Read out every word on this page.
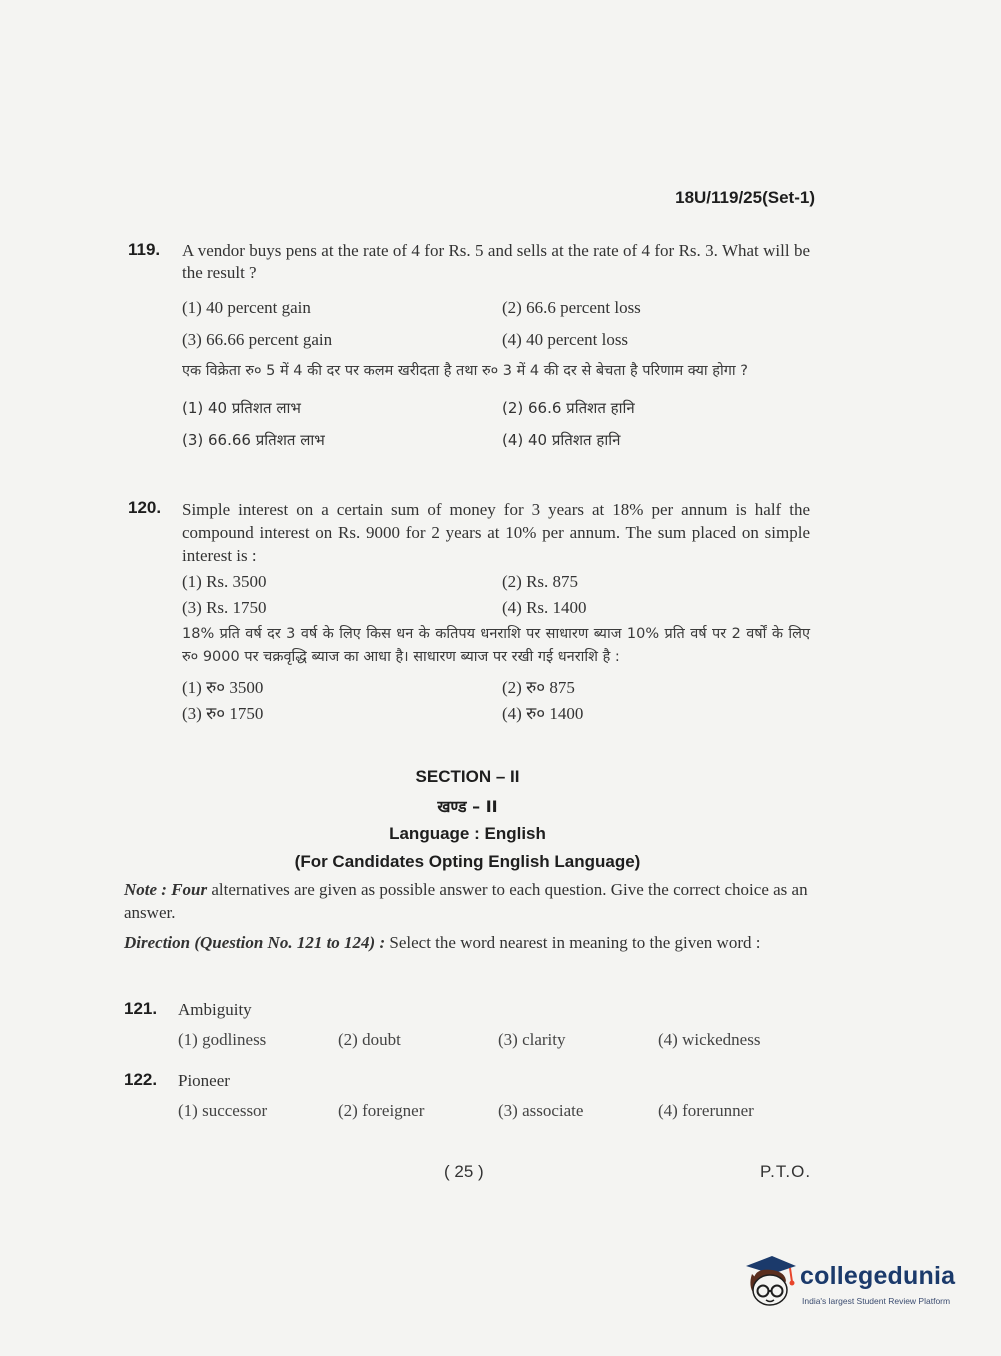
18U/119/25(Set-1)
119. A vendor buys pens at the rate of 4 for Rs. 5 and sells at the rate of 4 for Rs. 3. What will be the result ?
(1) 40 percent gain	(2) 66.6 percent loss
(3) 66.66 percent gain	(4) 40 percent loss
एक विक्रेता रु० 5 में 4 की दर पर कलम खरीदता है तथा रु० 3 में 4 की दर से बेचता है परिणाम क्या होगा ?
(1) 40 प्रतिशत लाभ	(2) 66.6 प्रतिशत हानि
(3) 66.66 प्रतिशत लाभ	(4) 40 प्रतिशत हानि
120. Simple interest on a certain sum of money for 3 years at 18% per annum is half the compound interest on Rs. 9000 for 2 years at 10% per annum. The sum placed on simple interest is :
(1) Rs. 3500	(2) Rs. 875
(3) Rs. 1750	(4) Rs. 1400
18% प्रति वर्ष दर 3 वर्ष के लिए किस धन के कतिपय धनराशि पर साधारण ब्याज 10% प्रति वर्ष पर 2 वर्षों के लिए रु० 9000 पर चक्रवृद्धि ब्याज का आधा है। साधारण ब्याज पर रखी गई धनराशि है :
(1) रु० 3500	(2) रु० 875
(3) रु० 1750	(4) रु० 1400
SECTION – II
खण्ड – II
Language : English
(For Candidates Opting English Language)
Note : Four alternatives are given as possible answer to each question. Give the correct choice as an answer.
Direction (Question No. 121 to 124) : Select the word nearest in meaning to the given word :
121. Ambiguity
(1) godliness	(2) doubt	(3) clarity	(4) wickedness
122. Pioneer
(1) successor	(2) foreigner	(3) associate	(4) forerunner
( 25 )	P.T.O.
collegedunia
India's largest Student Review Platform
